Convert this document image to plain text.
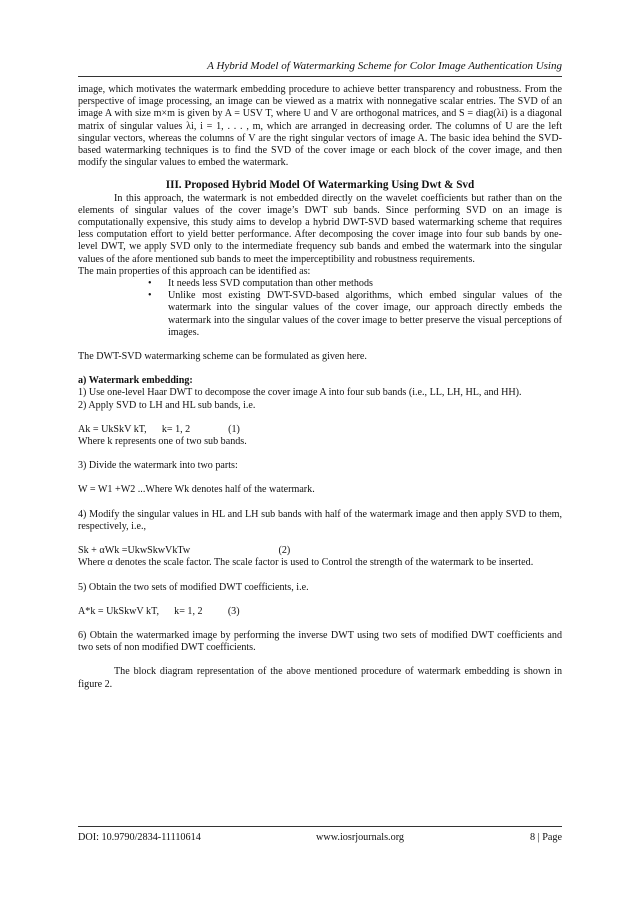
A Hybrid Model of Watermarking Scheme for Color Image Authentication Using

image, which motivates the watermark embedding procedure to achieve better transparency and robustness. From the perspective of image processing, an image can be viewed as a matrix with nonnegative scalar entries. The SVD of an image A with size m×m is given by A = USV T, where U and V are orthogonal matrices, and S = diag(λi) is a diagonal matrix of singular values λi, i = 1, . . . , m, which are arranged in decreasing order. The columns of U are the left singular vectors, whereas the columns of V are the right singular vectors of image A. The basic idea behind the SVD-based watermarking techniques is to find the SVD of the cover image or each block of the cover image, and then modify the singular values to embed the watermark.

III. Proposed Hybrid Model Of Watermarking Using Dwt & Svd

In this approach, the watermark is not embedded directly on the wavelet coefficients but rather than on the elements of singular values of the cover image’s DWT sub bands. Since performing SVD on an image is computationally expensive, this study aims to develop a hybrid DWT-SVD based watermarking scheme that requires less computation effort to yield better performance. After decomposing the cover image into four sub bands by one-level DWT, we apply SVD only to the intermediate frequency sub bands and embed the watermark into the singular values of the afore mentioned sub bands to meet the imperceptibility and robustness requirements.

The main properties of this approach can be identified as:

• It needs less SVD computation than other methods
• Unlike most existing DWT-SVD-based algorithms, which embed singular values of the watermark into the singular values of the cover image, our approach directly embeds the watermark into the singular values of the cover image to better preserve the visual perceptions of images.

The DWT-SVD watermarking scheme can be formulated as given here.

a) Watermark embedding:

1) Use one-level Haar DWT to decompose the cover image A into four sub bands (i.e., LL, LH, HL, and HH).

2) Apply SVD to LH and HL sub bands, i.e.

Ak = UkSkV kT,      k= 1, 2	(1)

Where k represents one of two sub bands.

3) Divide the watermark into two parts:

W = W1 +W2 ...Where Wk denotes half of the watermark.

4) Modify the singular values in HL and LH sub bands with half of the watermark image and then apply SVD to them, respectively, i.e.,

Sk + αWk =UkwSkwVkTw	(2)

Where α denotes the scale factor. The scale factor is used to Control the strength of the watermark to be inserted.

5) Obtain the two sets of modified DWT coefficients, i.e.

A*k = UkSkwV kT,      k= 1, 2 (3)

6) Obtain the watermarked image by performing the inverse DWT using two sets of modified DWT coefficients and two sets of non modified DWT coefficients.

The block diagram representation of the above mentioned procedure of watermark embedding is shown in figure 2.

DOI: 10.9790/2834-11110614	www.iosrjournals.org	8 | Page
